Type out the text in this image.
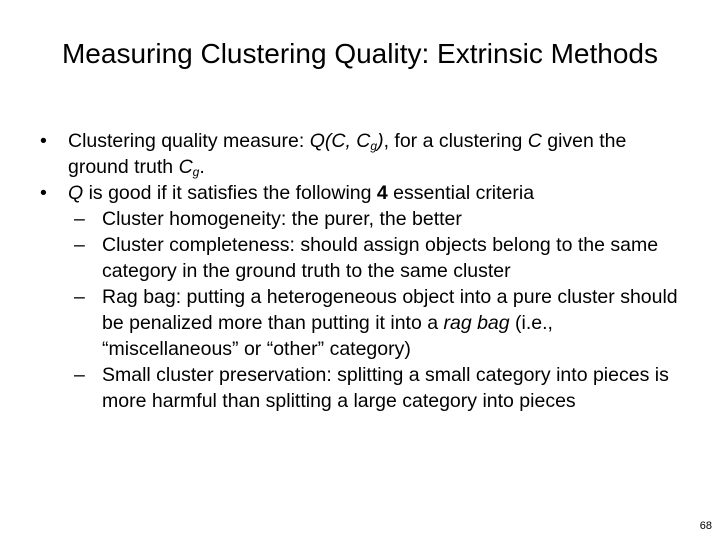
Measuring Clustering Quality: Extrinsic Methods
• Clustering quality measure: Q(C, $C_g$), for a clustering C given the ground truth $C_g$.
• Q is good if it satisfies the following 4 essential criteria
– Cluster homogeneity: the purer, the better
– Cluster completeness: should assign objects belong to the same category in the ground truth to the same cluster
– Rag bag: putting a heterogeneous object into a pure cluster should be penalized more than putting it into a rag bag (i.e., “miscellaneous” or “other” category)
– Small cluster preservation: splitting a small category into pieces is more harmful than splitting a large category into pieces
68
